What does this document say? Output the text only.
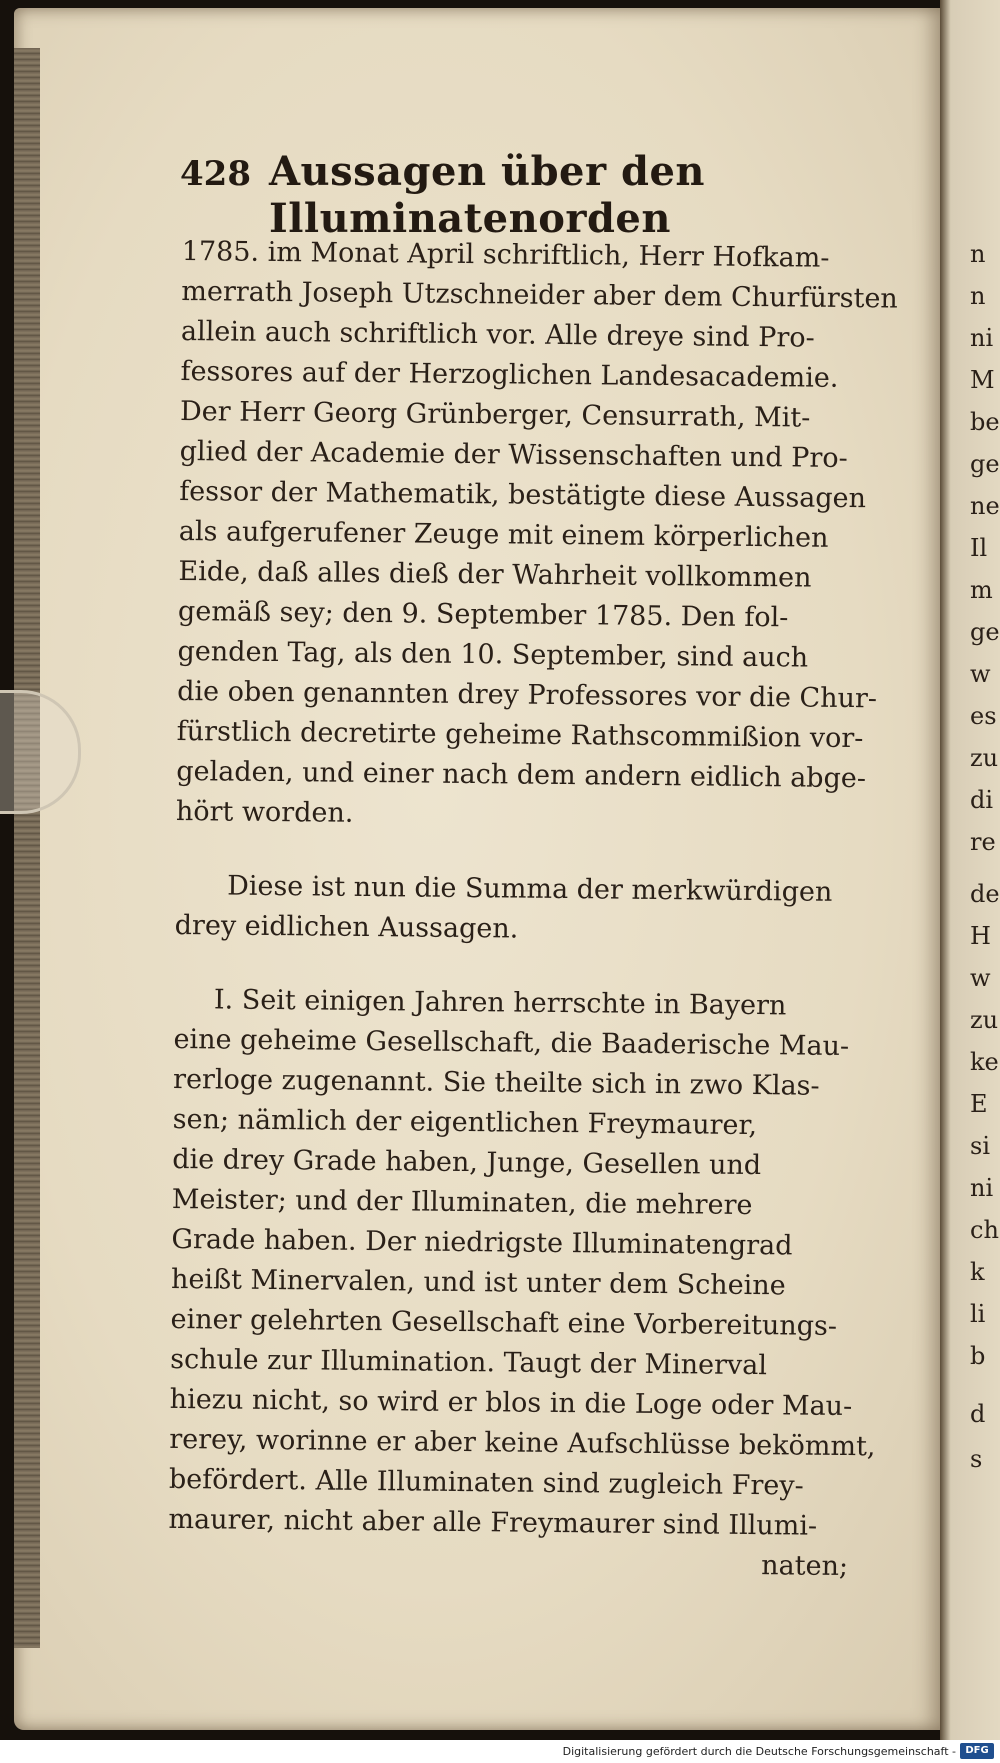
428 Aussagen über den Illuminatenorden
1785. im Monat April schriftlich, Herr Hofkam-
merrath Joseph Utzschneider aber dem Churfürsten
allein auch schriftlich vor. Alle dreye sind Pro-
fessores auf der Herzoglichen Landesacademie.
Der Herr Georg Grünberger, Censurrath, Mit-
glied der Academie der Wissenschaften und Pro-
fessor der Mathematik, bestätigte diese Aussagen
als aufgerufener Zeuge mit einem körperlichen
Eide, daß alles dieß der Wahrheit vollkommen
gemäß sey; den 9. September 1785. Den fol-
genden Tag, als den 10. September, sind auch
die oben genannten drey Professores vor die Chur-
fürstlich decretirte geheime Rathscommißion vor-
geladen, und einer nach dem andern eidlich abge-
hört worden.
Diese ist nun die Summa der merkwürdigen
drey eidlichen Aussagen.
I. Seit einigen Jahren herrschte in Bayern
eine geheime Gesellschaft, die Baaderische Mau-
rerloge zugenannt. Sie theilte sich in zwo Klas-
sen; nämlich der eigentlichen Freymaurer,
die drey Grade haben, Junge, Gesellen und
Meister; und der Illuminaten, die mehrere
Grade haben. Der niedrigste Illuminatengrad
heißt Minervalen, und ist unter dem Scheine
einer gelehrten Gesellschaft eine Vorbereitungs-
schule zur Illumination. Taugt der Minerval
hiezu nicht, so wird er blos in die Loge oder Mau-
rerey, worinne er aber keine Aufschlüsse bekömmt,
befördert. Alle Illuminaten sind zugleich Frey-
maurer, nicht aber alle Freymaurer sind Illumi-
naten;
n
n
ni
M
be
ge
ne
Il
m
ge
w
es
zu
di
re
de
H
w
zu
ke
E
si
ni
ch
k
li
b
d
s
Digitalisierung gefördert durch die Deutsche Forschungsgemeinschaft - DFG
